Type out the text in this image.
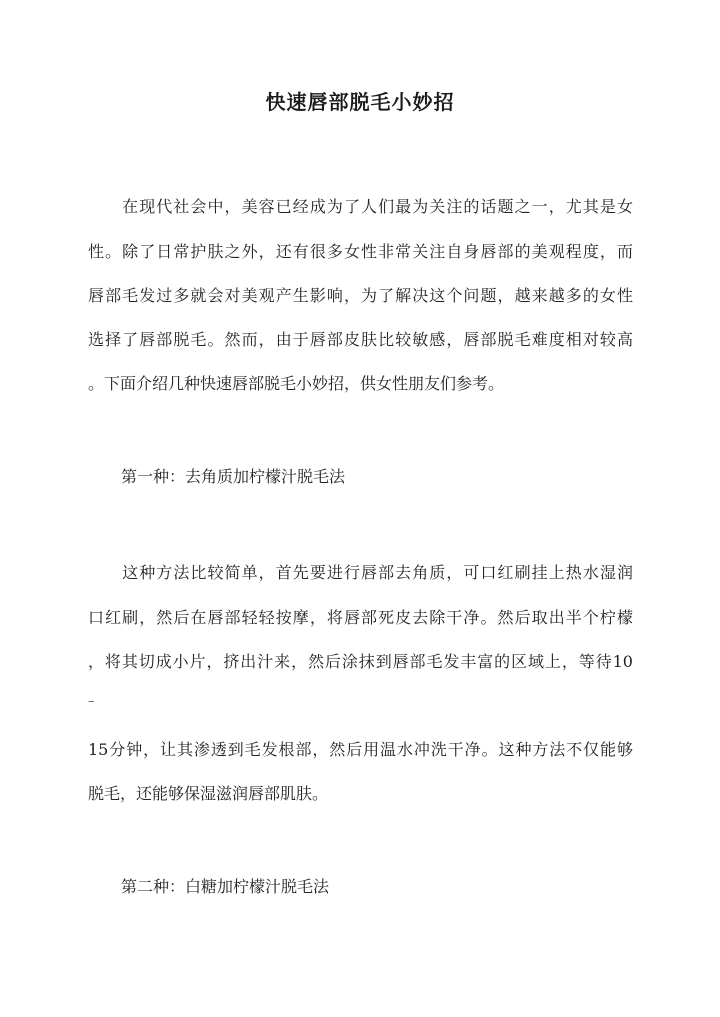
快速唇部脱毛小妙招
　　在现代社会中，美容已经成为了人们最为关注的话题之一，尤其是女
性。除了日常护肤之外，还有很多女性非常关注自身唇部的美观程度，而
唇部毛发过多就会对美观产生影响，为了解决这个问题，越来越多的女性
选择了唇部脱毛。然而，由于唇部皮肤比较敏感，唇部脱毛难度相对较高
。下面介绍几种快速唇部脱毛小妙招，供女性朋友们参考。
第一种：去角质加柠檬汁脱毛法
　　这种方法比较简单，首先要进行唇部去角质，可口红刷挂上热水湿润
口红刷，然后在唇部轻轻按摩，将唇部死皮去除干净。然后取出半个柠檬
，将其切成小片，挤出汁来，然后涂抹到唇部毛发丰富的区域上，等待10
–
15分钟，让其渗透到毛发根部，然后用温水冲洗干净。这种方法不仅能够
脱毛，还能够保湿滋润唇部肌肤。
第二种：白糖加柠檬汁脱毛法
